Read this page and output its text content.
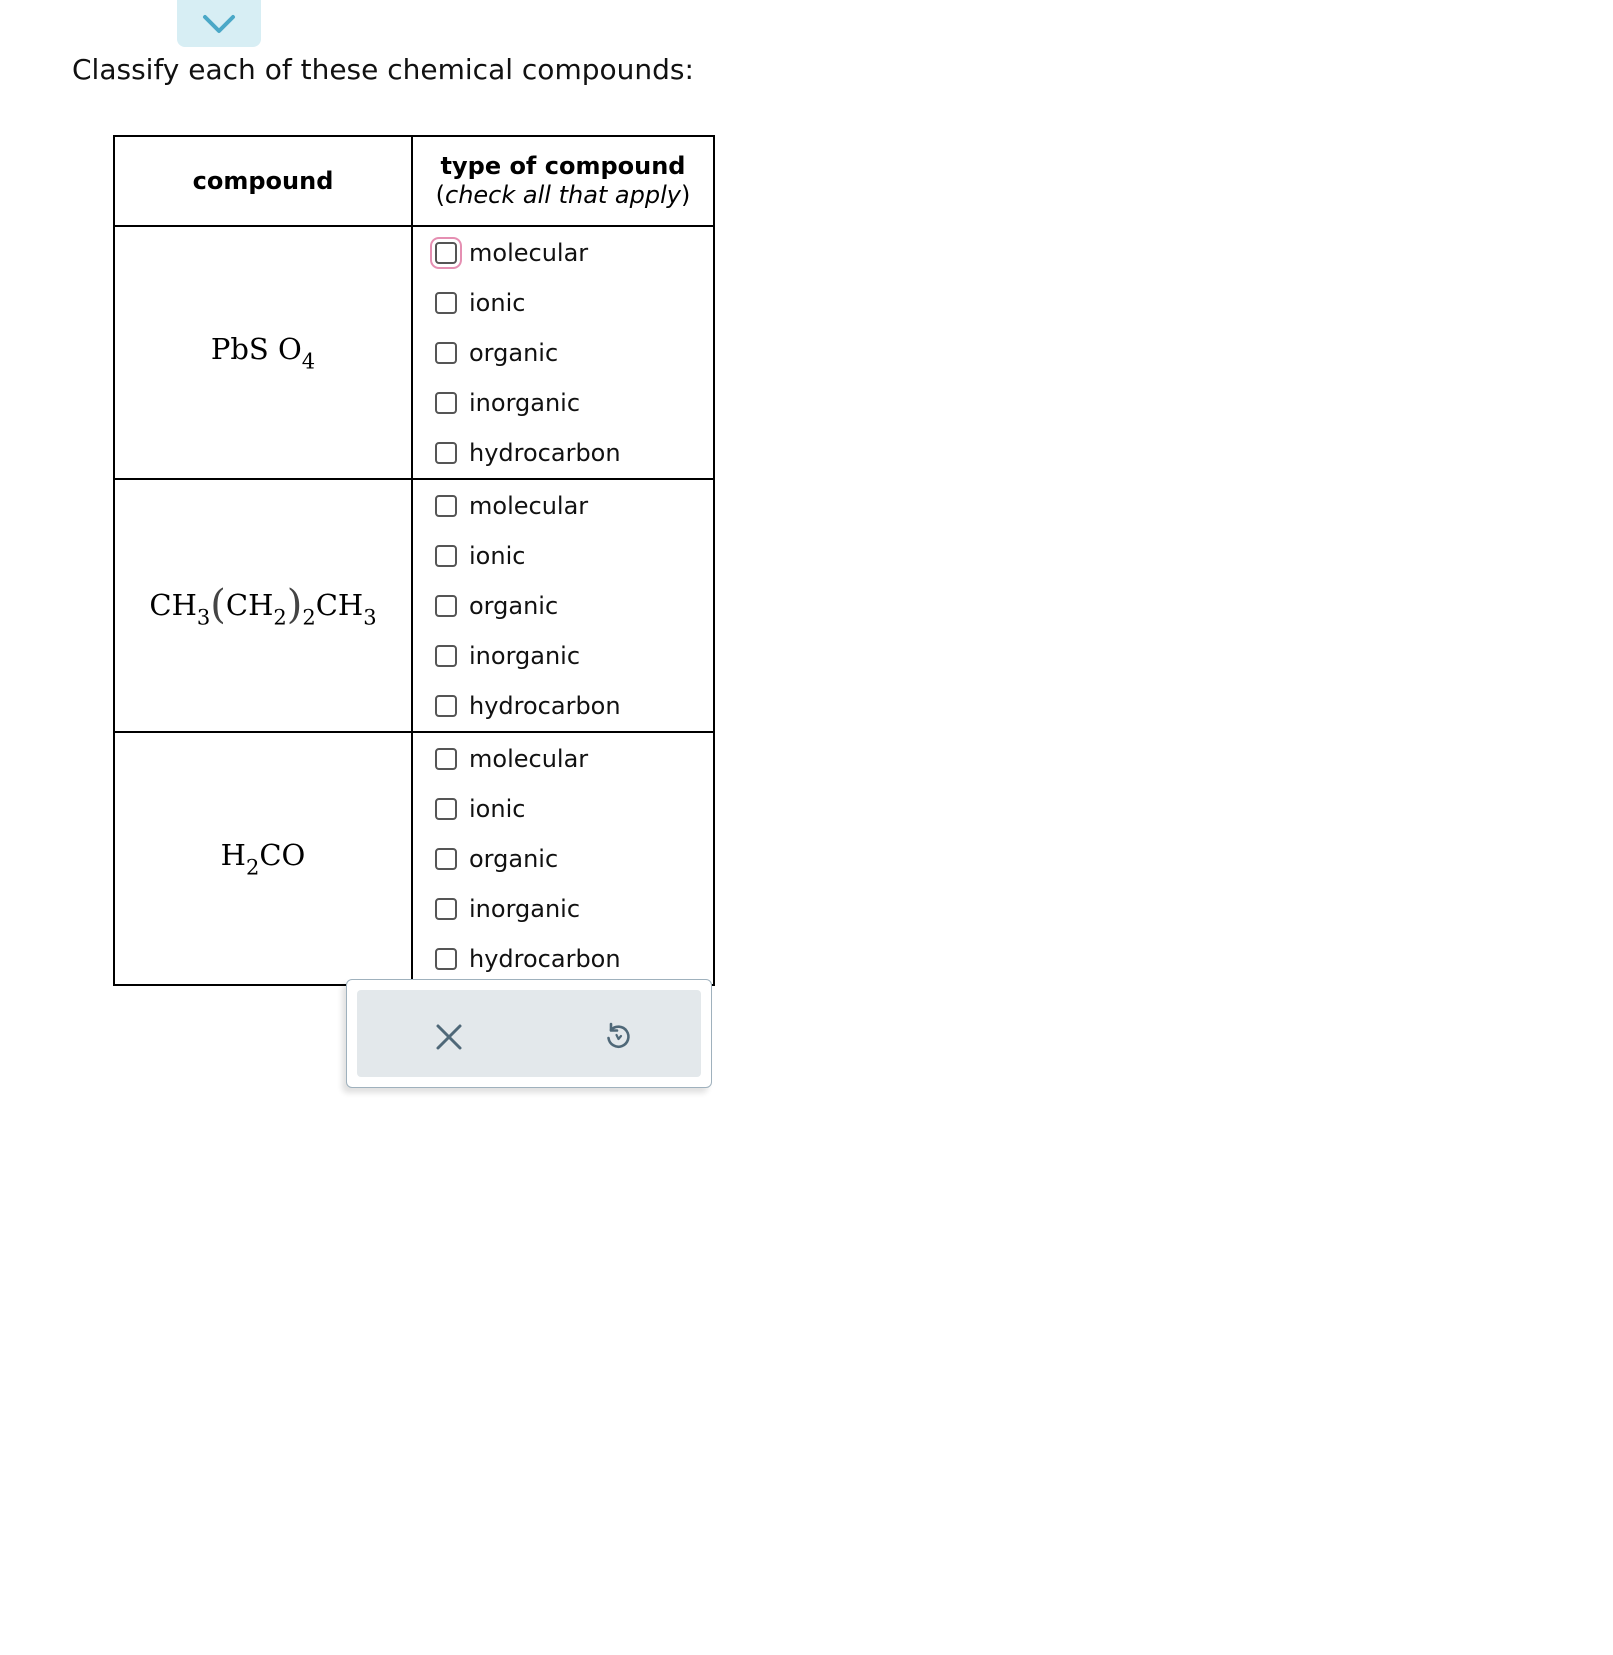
Classify each of these chemical compounds:
compound	type of compound
(check all that apply)

PbS $O_4$	molecular
ionic
organic
inorganic
hydrocarbon

$CH_3(CH_2)_2CH_3$	molecular
ionic
organic
inorganic
hydrocarbon

$H_2CO$	molecular
ionic
organic
inorganic
hydrocarbon
